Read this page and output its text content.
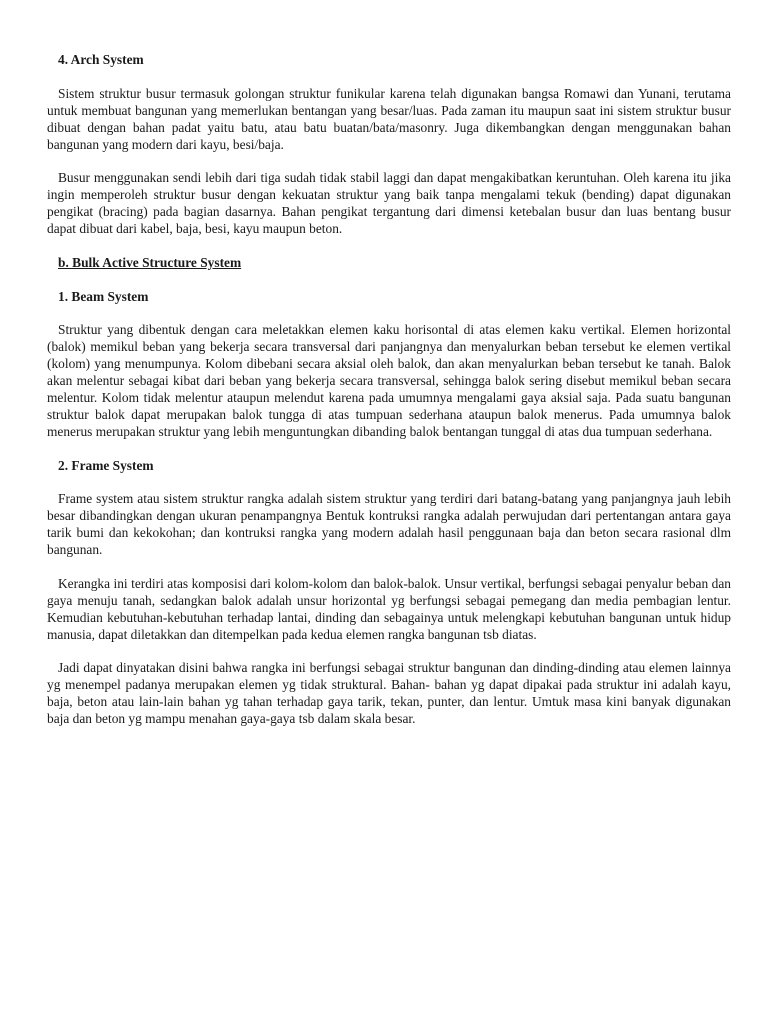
4. Arch System

Sistem struktur busur termasuk golongan struktur funikular karena telah digunakan bangsa Romawi dan Yunani, terutama untuk membuat bangunan yang memerlukan bentangan yang besar/luas. Pada zaman itu maupun saat ini sistem struktur busur dibuat dengan bahan padat yaitu batu, atau batu buatan/bata/masonry. Juga dikembangkan dengan menggunakan bahan bangunan yang modern dari kayu, besi/baja.

Busur menggunakan sendi lebih dari tiga sudah tidak stabil laggi dan dapat mengakibatkan keruntuhan. Oleh karena itu jika ingin memperoleh struktur busur dengan kekuatan struktur yang baik tanpa mengalami tekuk (bending) dapat digunakan pengikat (bracing) pada bagian dasarnya. Bahan pengikat tergantung dari dimensi ketebalan busur dan luas bentang busur dapat dibuat dari kabel, baja, besi, kayu maupun beton.

b. Bulk Active Structure System
1. Beam System

Struktur yang dibentuk dengan cara meletakkan elemen kaku horisontal di atas elemen kaku vertikal. Elemen horizontal (balok) memikul beban yang bekerja secara transversal dari panjangnya dan menyalurkan beban tersebut ke elemen vertikal (kolom) yang menumpunya. Kolom dibebani secara aksial oleh balok, dan akan menyalurkan beban tersebut ke tanah. Balok akan melentur sebagai kibat dari beban yang bekerja secara transversal, sehingga balok sering disebut memikul beban secara melentur. Kolom tidak melentur ataupun melendut karena pada umumnya mengalami gaya aksial saja. Pada suatu bangunan struktur balok dapat merupakan balok tungga di atas tumpuan sederhana ataupun balok menerus. Pada umumnya balok menerus merupakan struktur yang lebih menguntungkan dibanding balok bentangan tunggal di atas dua tumpuan sederhana.

2. Frame System

Frame system atau sistem struktur rangka adalah sistem struktur yang terdiri dari batang-batang yang panjangnya jauh lebih besar dibandingkan dengan ukuran penampangnya Bentuk kontruksi rangka adalah perwujudan dari pertentangan antara gaya tarik bumi dan kekokohan; dan kontruksi rangka yang modern adalah hasil penggunaan baja dan beton secara rasional dlm bangunan.

Kerangka ini terdiri atas komposisi dari kolom-kolom dan balok-balok. Unsur vertikal, berfungsi sebagai penyalur beban dan gaya menuju tanah, sedangkan balok adalah unsur horizontal yg berfungsi sebagai pemegang dan media pembagian lentur. Kemudian kebutuhan-kebutuhan terhadap lantai, dinding dan sebagainya untuk melengkapi kebutuhan bangunan untuk hidup manusia, dapat diletakkan dan ditempelkan pada kedua elemen rangka bangunan tsb diatas.

Jadi dapat dinyatakan disini bahwa rangka ini berfungsi sebagai struktur bangunan dan dinding-dinding atau elemen lainnya yg menempel padanya merupakan elemen yg tidak struktural. Bahan- bahan yg dapat dipakai pada struktur ini adalah kayu, baja, beton atau lain-lain bahan yg tahan terhadap gaya tarik, tekan, punter, dan lentur. Umtuk masa kini banyak digunakan baja dan beton yg mampu menahan gaya-gaya tsb dalam skala besar.
